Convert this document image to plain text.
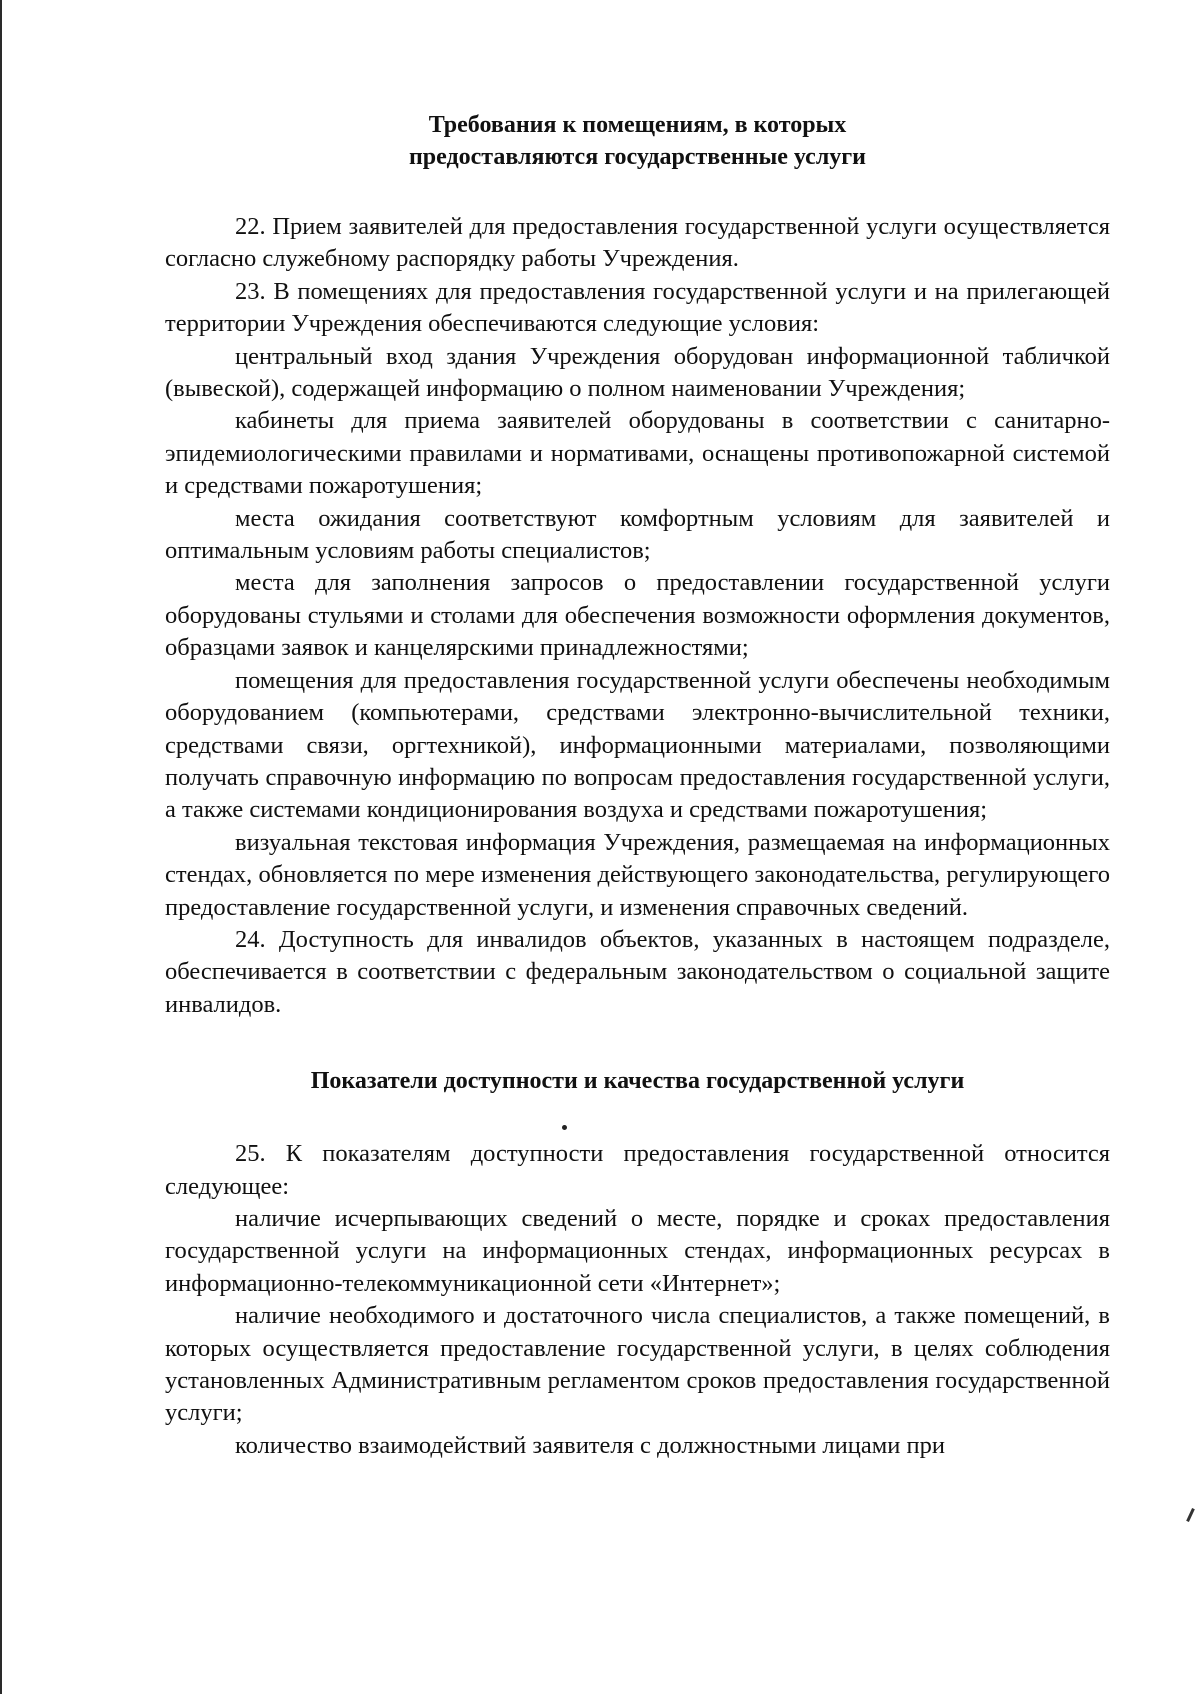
Требования к помещениям, в которых
предоставляются государственные услуги

22. Прием заявителей для предоставления государственной услуги осуществляется согласно служебному распорядку работы Учреждения.

23. В помещениях для предоставления государственной услуги и на прилегающей территории Учреждения обеспечиваются следующие условия:

центральный вход здания Учреждения оборудован информационной табличкой (вывеской), содержащей информацию о полном наименовании Учреждения;

кабинеты для приема заявителей оборудованы в соответствии с санитарно-эпидемиологическими правилами и нормативами, оснащены противопожарной системой и средствами пожаротушения;

места ожидания соответствуют комфортным условиям для заявителей и оптимальным условиям работы специалистов;

места для заполнения запросов о предоставлении государственной услуги оборудованы стульями и столами для обеспечения возможности оформления документов, образцами заявок и канцелярскими принадлежностями;

помещения для предоставления государственной услуги обеспечены необходимым оборудованием (компьютерами, средствами электронно-вычислительной техники, средствами связи, оргтехникой), информационными материалами, позволяющими получать справочную информацию по вопросам предоставления государственной услуги, а также системами кондиционирования воздуха и средствами пожаротушения;

визуальная текстовая информация Учреждения, размещаемая на информационных стендах, обновляется по мере изменения действующего законодательства, регулирующего предоставление государственной услуги, и изменения справочных сведений.

24. Доступность для инвалидов объектов, указанных в настоящем подразделе, обеспечивается в соответствии с федеральным законодательством о социальной защите инвалидов.

Показатели доступности и качества государственной услуги

25. К показателям доступности предоставления государственной относится следующее:

наличие исчерпывающих сведений о месте, порядке и сроках предоставления государственной услуги на информационных стендах, информационных ресурсах в информационно-телекоммуникационной сети «Интернет»;

наличие необходимого и достаточного числа специалистов, а также помещений, в которых осуществляется предоставление государственной услуги, в целях соблюдения установленных Административным регламентом сроков предоставления государственной услуги;

количество взаимодействий заявителя с должностными лицами при
